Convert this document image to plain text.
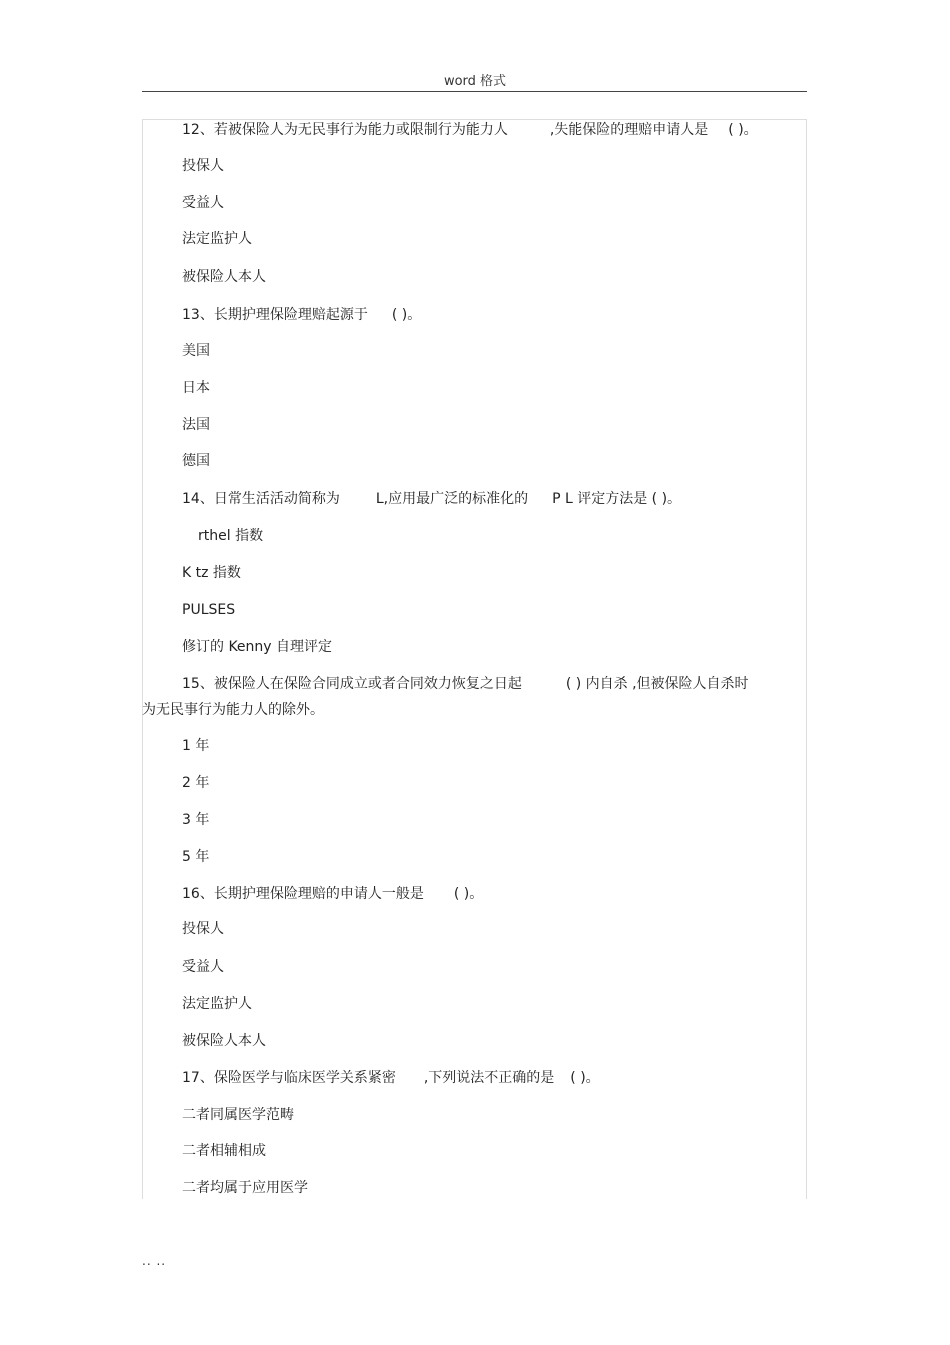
word 格式
12、若被保险人为无民事行为能力或限制行为能力人	,失能保险的理赔申请人是 ( )。
投保人
受益人
法定监护人
被保险人本人
13、长期护理保险理赔起源于 ( )。
美国
日本
法国
德国
14、日常生活活动简称为	L,应用最广泛的标准化的 P L 评定方法是 ( )。
rthel 指数
K tz 指数
PULSES
修订的 Kenny 自理评定
15、被保险人在保险合同成立或者合同效力恢复之日起	( ) 内自杀 ,但被保险人自杀时
为无民事行为能力人的除外。
1 年
2 年
3 年
5 年
16、长期护理保险理赔的申请人一般是 ( )。
投保人
受益人
法定监护人
被保险人本人
17、保险医学与临床医学关系紧密 ,下列说法不正确的是 ( )。
二者同属医学范畴
二者相辅相成
二者均属于应用医学
.. ..
